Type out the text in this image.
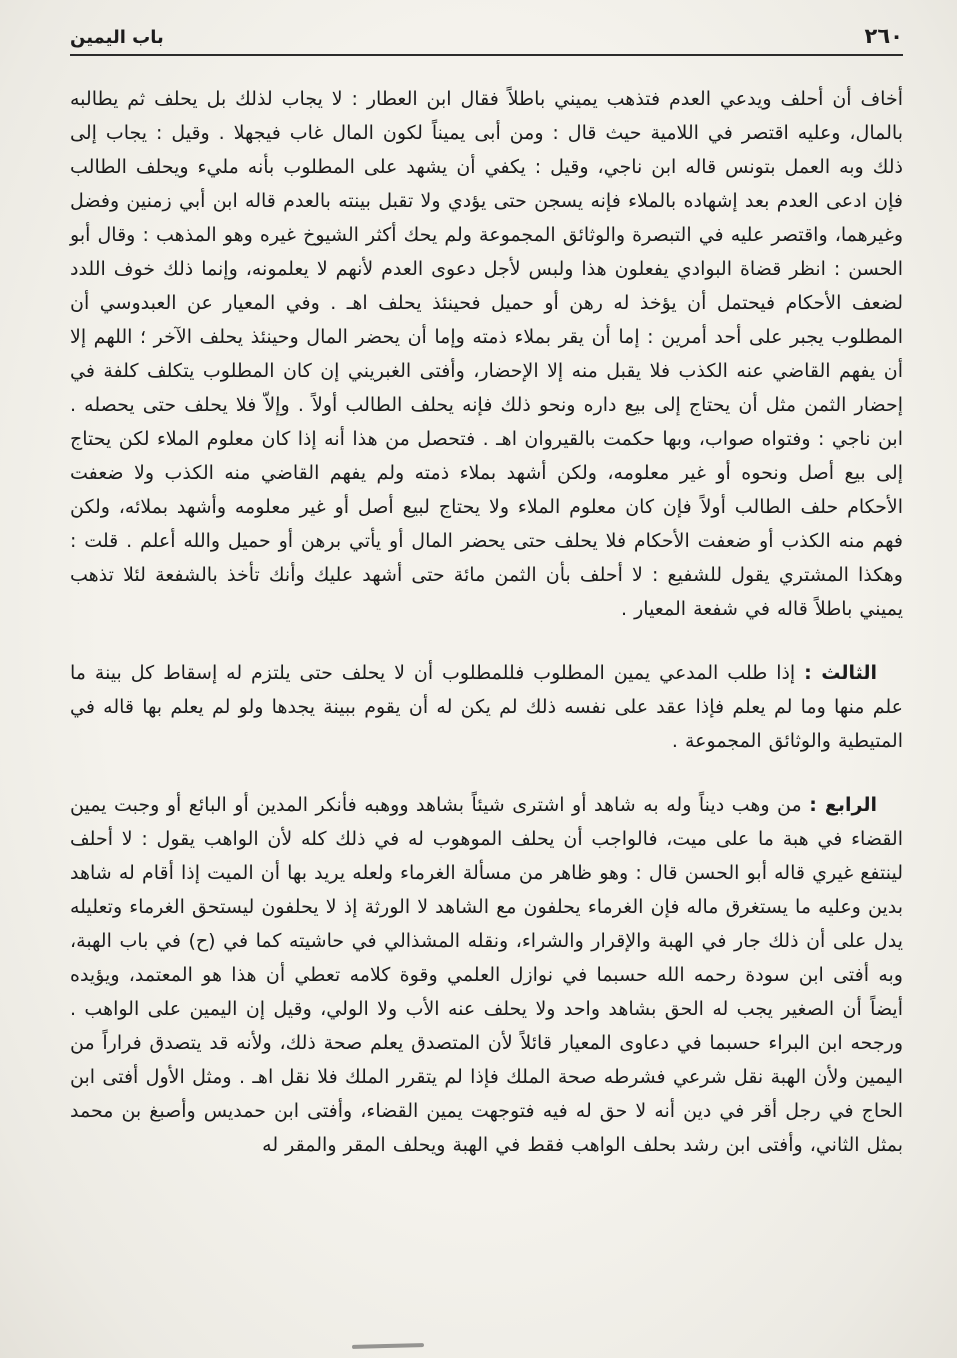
باب اليمين	٢٦٠

أخاف أن أحلف ويدعي العدم فتذهب يميني باطلاً فقال ابن العطار : لا يجاب لذلك بل يحلف ثم يطالبه بالمال، وعليه اقتصر في اللامية حيث قال : ومن أبى يميناً لكون المال غاب فيجهلا . وقيل : يجاب إلى ذلك وبه العمل بتونس قاله ابن ناجي، وقيل : يكفي أن يشهد على المطلوب بأنه مليء ويحلف الطالب فإن ادعى العدم بعد إشهاده بالملاء فإنه يسجن حتى يؤدي ولا تقبل بينته بالعدم قاله ابن أبي زمنين وفضل وغيرهما، واقتصر عليه في التبصرة والوثائق المجموعة ولم يحك أكثر الشيوخ غيره وهو المذهب : وقال أبو الحسن : انظر قضاة البوادي يفعلون هذا ولبس لأجل دعوى العدم لأنهم لا يعلمونه، وإنما ذلك خوف اللدد لضعف الأحكام فيحتمل أن يؤخذ له رهن أو حميل فحينئذ يحلف اهـ . وفي المعيار عن العبدوسي أن المطلوب يجبر على أحد أمرين : إما أن يقر بملاء ذمته وإما أن يحضر المال وحينئذ يحلف الآخر ؛ اللهم إلا أن يفهم القاضي عنه الكذب فلا يقبل منه إلا الإحضار، وأفتى الغبريني إن كان المطلوب يتكلف كلفة في إحضار الثمن مثل أن يحتاج إلى بيع داره ونحو ذلك فإنه يحلف الطالب أولاً . وإلاّ فلا يحلف حتى يحصله . ابن ناجي : وفتواه صواب، وبها حكمت بالقيروان اهـ . فتحصل من هذا أنه إذا كان معلوم الملاء لكن يحتاج إلى بيع أصل ونحوه أو غير معلومه، ولكن أشهد بملاء ذمته ولم يفهم القاضي منه الكذب ولا ضعفت الأحكام حلف الطالب أولاً فإن كان معلوم الملاء ولا يحتاج لبيع أصل أو غير معلومه وأشهد بملائه، ولكن فهم منه الكذب أو ضعفت الأحكام فلا يحلف حتى يحضر المال أو يأتي برهن أو حميل والله أعلم . قلت : وهكذا المشتري يقول للشفيع : لا أحلف بأن الثمن مائة حتى أشهد عليك وأنك تأخذ بالشفعة لئلا تذهب يميني باطلاً قاله في شفعة المعيار .

الثالث : إذا طلب المدعي يمين المطلوب فللمطلوب أن لا يحلف حتى يلتزم له إسقاط كل بينة ما علم منها وما لم يعلم فإذا عقد على نفسه ذلك لم يكن له أن يقوم ببينة يجدها ولو لم يعلم بها قاله في المتيطية والوثائق المجموعة .

الرابع : من وهب ديناً وله به شاهد أو اشترى شيئاً بشاهد ووهبه فأنكر المدين أو البائع أو وجبت يمين القضاء في هبة ما على ميت، فالواجب أن يحلف الموهوب له في ذلك كله لأن الواهب يقول : لا أحلف لينتفع غيري قاله أبو الحسن قال : وهو ظاهر من مسألة الغرماء ولعله يريد بها أن الميت إذا أقام له شاهد بدين وعليه ما يستغرق ماله فإن الغرماء يحلفون مع الشاهد لا الورثة إذ لا يحلفون ليستحق الغرماء وتعليله يدل على أن ذلك جار في الهبة والإقرار والشراء، ونقله المشذالي في حاشيته كما في (ح) في باب الهبة، وبه أفتى ابن سودة رحمه الله حسبما في نوازل العلمي وقوة كلامه تعطي أن هذا هو المعتمد، ويؤيده أيضاً أن الصغير يجب له الحق بشاهد واحد ولا يحلف عنه الأب ولا الولي، وقيل إن اليمين على الواهب . ورجحه ابن البراء حسبما في دعاوى المعيار قائلاً لأن المتصدق يعلم صحة ذلك، ولأنه قد يتصدق فراراً من اليمين ولأن الهبة نقل شرعي فشرطه صحة الملك فإذا لم يتقرر الملك فلا نقل اهـ . ومثل الأول أفتى ابن الحاج في رجل أقر في دين أنه لا حق له فيه فتوجهت يمين القضاء، وأفتى ابن حمديس وأصبغ بن محمد بمثل الثاني، وأفتى ابن رشد بحلف الواهب فقط في الهبة ويحلف المقر والمقر له
